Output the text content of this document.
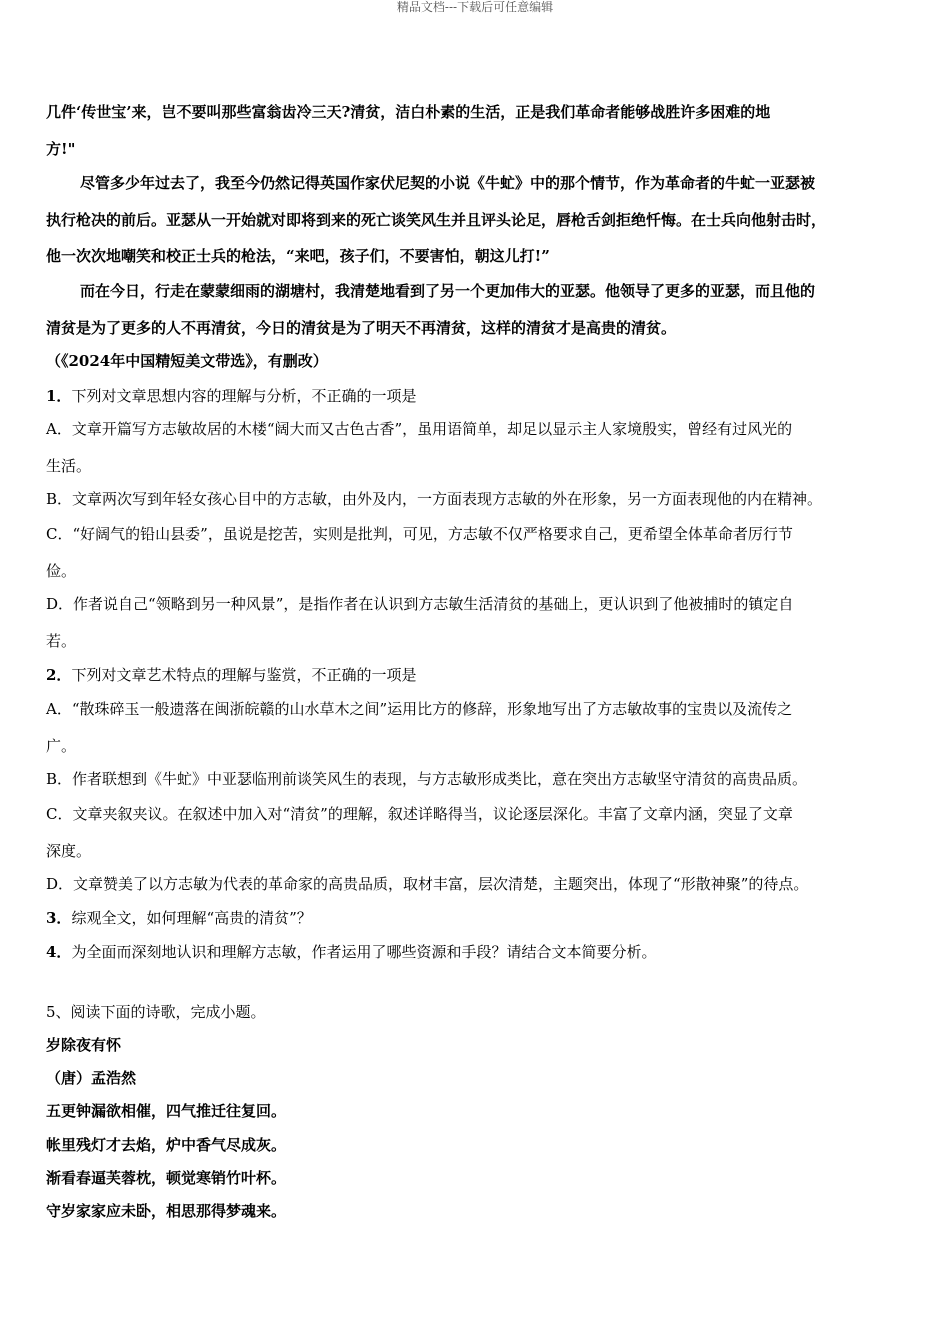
精品文档---下载后可任意编辑

几件‘传世宝’来，岂不要叫那些富翁齿冷三天?清贫，洁白朴素的生活，正是我们革命者能够战胜许多困难的地

方!"

尽管多少年过去了，我至今仍然记得英国作家伏尼契的小说《牛虻》中的那个情节，作为革命者的牛虻一亚瑟被

执行枪决的前后。亚瑟从一开始就对即将到来的死亡谈笑风生并且评头论足，唇枪舌剑拒绝忏悔。在士兵向他射击时，

他一次次地嘲笑和校正士兵的枪法，“来吧，孩子们，不要害怕，朝这儿打!”

而在今日，行走在蒙蒙细雨的湖塘村，我清楚地看到了另一个更加伟大的亚瑟。他领导了更多的亚瑟，而且他的

清贫是为了更多的人不再清贫，今日的清贫是为了明天不再清贫，这样的清贫才是高贵的清贫。

（《2024年中国精短美文带选》，有删改）

1．下列对文章思想内容的理解与分析，不正确的一项是

A．文章开篇写方志敏故居的木楼“阔大而又古色古香”，虽用语简单，却足以显示主人家境殷实，曾经有过风光的

生活。

B．文章两次写到年轻女孩心目中的方志敏，由外及内，一方面表现方志敏的外在形象，另一方面表现他的内在精神。

C．“好阔气的铅山县委”，虽说是挖苦，实则是批判，可见，方志敏不仅严格要求自己，更希望全体革命者厉行节

俭。

D．作者说自己“领略到另一种风景”，是指作者在认识到方志敏生活清贫的基础上，更认识到了他被捕时的镇定自

若。

2．下列对文章艺术特点的理解与鉴赏，不正确的一项是

A．“散珠碎玉一般遗落在闽浙皖赣的山水草木之间”运用比方的修辞，形象地写出了方志敏故事的宝贵以及流传之

广。

B．作者联想到《牛虻》中亚瑟临刑前谈笑风生的表现，与方志敏形成类比，意在突出方志敏坚守清贫的高贵品质。

C．文章夹叙夹议。在叙述中加入对“清贫”的理解，叙述详略得当，议论逐层深化。丰富了文章内涵，突显了文章

深度。

D．文章赞美了以方志敏为代表的革命家的高贵品质，取材丰富，层次清楚，主题突出，体现了“形散神聚”的待点。

3．综观全文，如何理解“高贵的清贫”？

4．为全面而深刻地认识和理解方志敏，作者运用了哪些资源和手段？请结合文本简要分析。

5、阅读下面的诗歌，完成小题。

岁除夜有怀

（唐）孟浩然

五更钟漏欲相催，四气推迁往复回。

帐里残灯才去焰，炉中香气尽成灰。

渐看春逼芙蓉枕，顿觉寒销竹叶杯。

守岁家家应未卧，相思那得梦魂来。
